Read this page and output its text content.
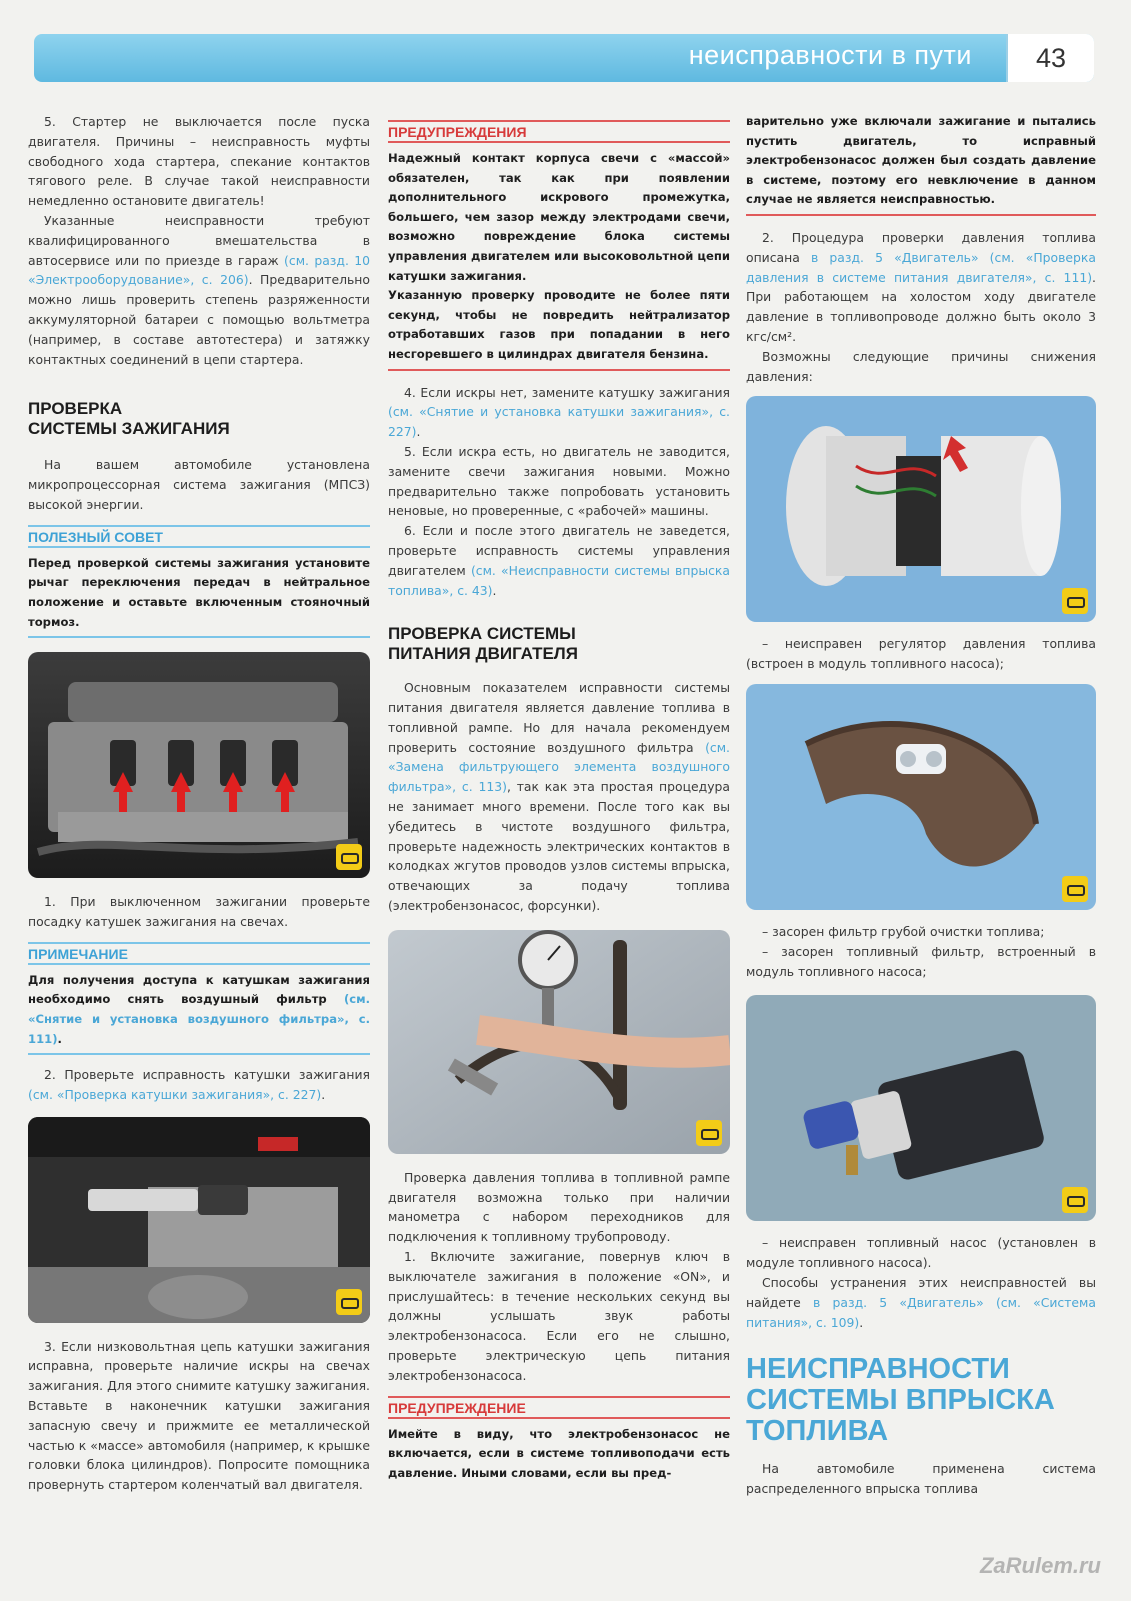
неисправности в пути	43

5. Стартер не выключается после пуска двигателя. Причины – неисправность муфты свободного хода стартера, спекание контактов тягового реле. В случае такой неисправности немедленно остановите двигатель!

Указанные неисправности требуют квалифицированного вмешательства в автосервисе или по приезде в гараж (см. разд. 10 «Электрооборудование», с. 206). Предварительно можно лишь проверить степень разряженности аккумуляторной батареи с помощью вольтметра (например, в составе автотестера) и затяжку контактных соединений в цепи стартера.

ПРОВЕРКА
СИСТЕМЫ ЗАЖИГАНИЯ

На вашем автомобиле установлена микропроцессорная система зажигания (МПСЗ) высокой энергии.

ПОЛЕЗНЫЙ СОВЕТ

Перед проверкой системы зажигания установите рычаг переключения передач в нейтральное положение и оставьте включенным стояночный тормоз.

1. При выключенном зажигании проверьте посадку катушек зажигания на свечах.

ПРИМЕЧАНИЕ

Для получения доступа к катушкам зажигания необходимо снять воздушный фильтр (см. «Снятие и установка воздушного фильтра», с. 111).

2. Проверьте исправность катушки зажигания (см. «Проверка катушки зажигания», с. 227).

3. Если низковольтная цепь катушки зажигания исправна, проверьте наличие искры на свечах зажигания. Для этого снимите катушку зажигания. Вставьте в наконечник катушки зажигания запасную свечу и прижмите ее металлической частью к «массе» автомобиля (например, к крышке головки блока цилиндров). Попросите помощника провернуть стартером коленчатый вал двигателя.

ПРЕДУПРЕЖДЕНИЯ

Надежный контакт корпуса свечи с «массой» обязателен, так как при появлении дополнительного искрового промежутка, большего, чем зазор между электродами свечи, возможно повреждение блока системы управления двигателем или высоковольтной цепи катушки зажигания.

Указанную проверку проводите не более пяти секунд, чтобы не повредить нейтрализатор отработавших газов при попадании в него несгоревшего в цилиндрах двигателя бензина.

4. Если искры нет, замените катушку зажигания (см. «Снятие и установка катушки зажигания», с. 227).

5. Если искра есть, но двигатель не заводится, замените свечи зажигания новыми. Можно предварительно также попробовать установить неновые, но проверенные, с «рабочей» машины.

6. Если и после этого двигатель не заведется, проверьте исправность системы управления двигателем (см. «Неисправности системы впрыска топлива», с. 43).

ПРОВЕРКА СИСТЕМЫ
ПИТАНИЯ ДВИГАТЕЛЯ

Основным показателем исправности системы питания двигателя является давление топлива в топливной рампе. Но для начала рекомендуем проверить состояние воздушного фильтра (см. «Замена фильтрующего элемента воздушного фильтра», с. 113), так как эта простая процедура не занимает много времени. После того как вы убедитесь в чистоте воздушного фильтра, проверьте надежность электрических контактов в колодках жгутов проводов узлов системы впрыска, отвечающих за подачу топлива (электробензонасос, форсунки).

Проверка давления топлива в топливной рампе двигателя возможна только при наличии манометра с набором переходников для подключения к топливному трубопроводу.

1. Включите зажигание, повернув ключ в выключателе зажигания в положение «ON», и прислушайтесь: в течение нескольких секунд вы должны услышать звук работы электробензонасоса. Если его не слышно, проверьте электрическую цепь питания электробензонасоса.

ПРЕДУПРЕЖДЕНИЕ

Имейте в виду, что электробензонасос не включается, если в системе топливоподачи есть давление. Иными словами, если вы пред-

варительно уже включали зажигание и пытались пустить двигатель, то исправный электробензонасос должен был создать давление в системе, поэтому его невключение в данном случае не является неисправностью.

2. Процедура проверки давления топлива описана в разд. 5 «Двигатель» (см. «Проверка давления в системе питания двигателя», с. 111). При работающем на холостом ходу двигателе давление в топливопроводе должно быть около 3 кгс/см².

Возможны следующие причины снижения давления:

– неисправен регулятор давления топлива (встроен в модуль топливного насоса);

– засорен фильтр грубой очистки топлива;

– засорен топливный фильтр, встроенный в модуль топливного насоса;

– неисправен топливный насос (установлен в модуле топливного насоса).

Способы устранения этих неисправностей вы найдете в разд. 5 «Двигатель» (см. «Система питания», с. 109).

НЕИСПРАВНОСТИ
СИСТЕМЫ ВПРЫСКА
ТОПЛИВА

На автомобиле применена система распределенного впрыска топлива

ZaRulem.ru
